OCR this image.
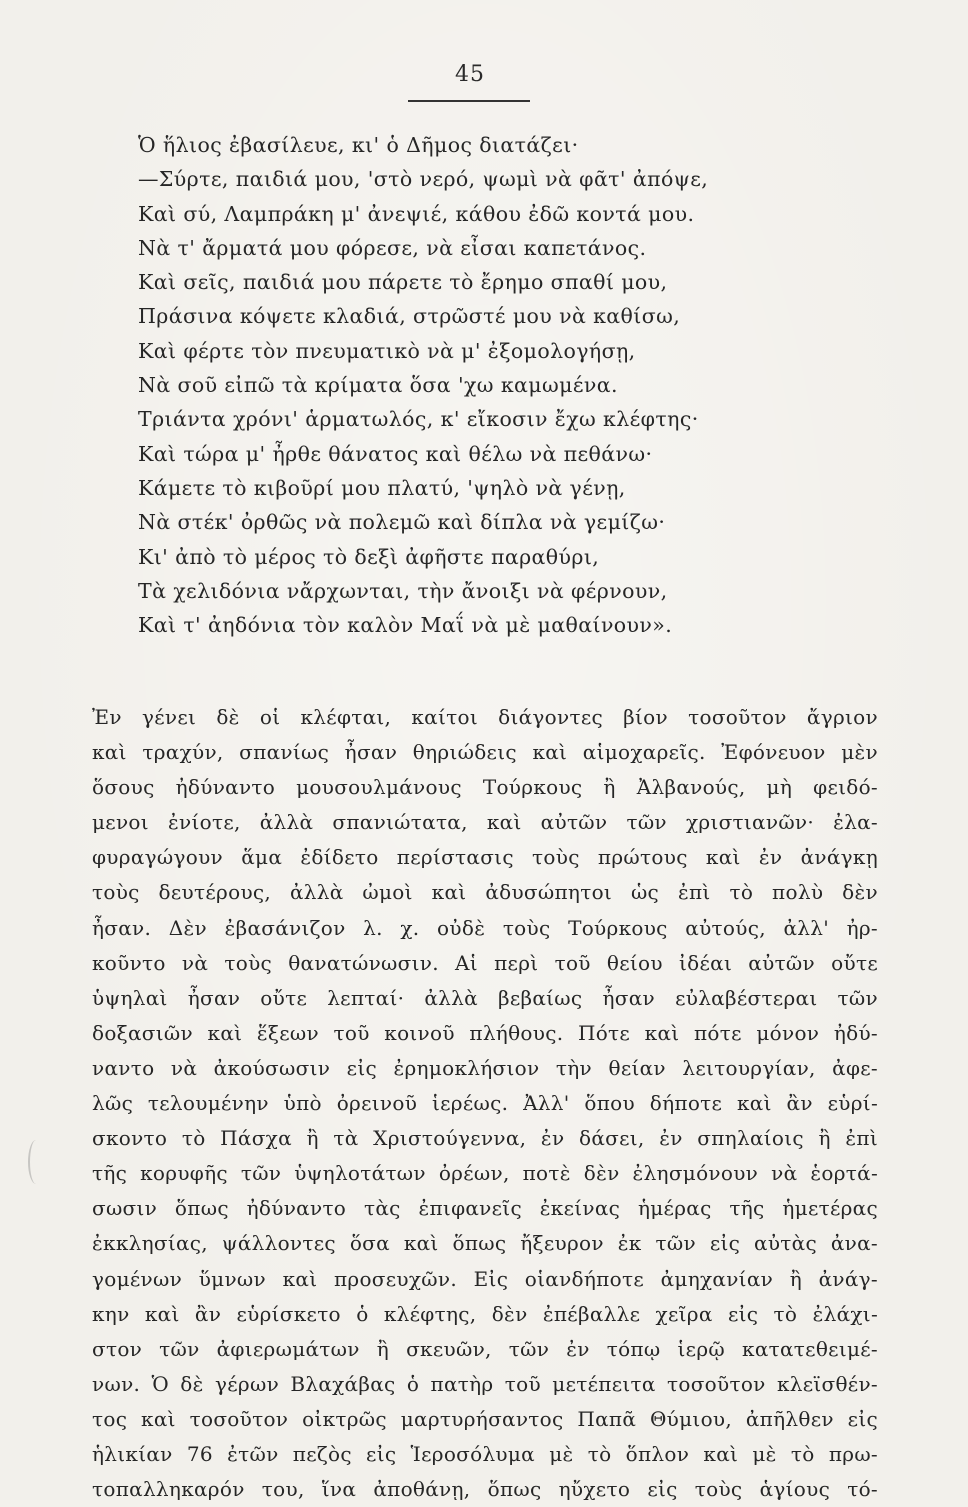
45
Ὁ ἥλιος ἐβασίλευε, κι' ὁ Δῆμος διατάζει·
—Σύρτε, παιδιά μου, 'στὸ νερό, ψωμὶ νὰ φᾶτ' ἀπόψε,
Καὶ σύ, Λαμπράκη μ' ἀνεψιέ, κάθου ἐδῶ κοντά μου.
Νὰ τ' ἄρματά μου φόρεσε, νὰ εἶσαι καπετάνος.
Καὶ σεῖς, παιδιά μου πάρετε τὸ ἔρημο σπαθί μου,
Πράσινα κόψετε κλαδιά, στρῶστέ μου νὰ καθίσω,
Καὶ φέρτε τὸν πνευματικὸ νὰ μ' ἐξομολογήσῃ,
Νὰ σοῦ εἰπῶ τὰ κρίματα ὅσα 'χω καμωμένα.
Τριάντα χρόνι' ἁρματωλός, κ' εἴκοσιν ἔχω κλέφτης·
Καὶ τώρα μ' ἦρθε θάνατος καὶ θέλω νὰ πεθάνω·
Κάμετε τὸ κιβοῦρί μου πλατύ, 'ψηλὸ νὰ γένῃ,
Νὰ στέκ' ὀρθῶς νὰ πολεμῶ καὶ δίπλα νὰ γεμίζω·
Κι' ἀπὸ τὸ μέρος τὸ δεξὶ ἀφῆστε παραθύρι,
Τὰ χελιδόνια νἄρχωνται, τὴν ἄνοιξι νὰ φέρνουν,
Καὶ τ' ἀηδόνια τὸν καλὸν Μαΐ νὰ μὲ μαθαίνουν».
Ἐν γένει δὲ οἱ κλέφται, καίτοι διάγοντες βίον τοσοῦτον ἄγριον
καὶ τραχύν, σπανίως ἦσαν θηριώδεις καὶ αἱμοχαρεῖς. Ἐφόνευον μὲν
ὅσους ἠδύναντο μουσουλμάνους Τούρκους ἢ Ἀλβανούς, μὴ φειδό-
μενοι ἐνίοτε, ἀλλὰ σπανιώτατα, καὶ αὐτῶν τῶν χριστιανῶν· ἐλα-
φυραγώγουν ἅμα ἐδίδετο περίστασις τοὺς πρώτους καὶ ἐν ἀνάγκῃ
τοὺς δευτέρους, ἀλλὰ ὠμοὶ καὶ ἀδυσώπητοι ὡς ἐπὶ τὸ πολὺ δὲν
ἦσαν. Δὲν ἐβασάνιζον λ. χ. οὐδὲ τοὺς Τούρκους αὐτούς, ἀλλ' ἠρ-
κοῦντο νὰ τοὺς θανατώνωσιν. Αἱ περὶ τοῦ θείου ἰδέαι αὐτῶν οὔτε
ὑψηλαὶ ἦσαν οὔτε λεπταί· ἀλλὰ βεβαίως ἦσαν εὐλαβέστεραι τῶν
δοξασιῶν καὶ ἕξεων τοῦ κοινοῦ πλήθους. Πότε καὶ πότε μόνον ἠδύ-
ναντο νὰ ἀκούσωσιν εἰς ἐρημοκλήσιον τὴν θείαν λειτουργίαν, ἀφε-
λῶς τελουμένην ὑπὸ ὀρεινοῦ ἱερέως. Ἀλλ' ὅπου δήποτε καὶ ἂν εὑρί-
σκοντο τὸ Πάσχα ἢ τὰ Χριστούγεννα, ἐν δάσει, ἐν σπηλαίοις ἢ ἐπὶ
τῆς κορυφῆς τῶν ὑψηλοτάτων ὀρέων, ποτὲ δὲν ἐλησμόνουν νὰ ἑορτά-
σωσιν ὅπως ἠδύναντο τὰς ἐπιφανεῖς ἐκείνας ἡμέρας τῆς ἡμετέρας
ἐκκλησίας, ψάλλοντες ὅσα καὶ ὅπως ἤξευρον ἐκ τῶν εἰς αὐτὰς ἀνα-
γομένων ὕμνων καὶ προσευχῶν. Εἰς οἱανδήποτε ἀμηχανίαν ἢ ἀνάγ-
κην καὶ ἂν εὑρίσκετο ὁ κλέφτης, δὲν ἐπέβαλλε χεῖρα εἰς τὸ ἐλάχι-
στον τῶν ἀφιερωμάτων ἢ σκευῶν, τῶν ἐν τόπῳ ἱερῷ κατατεθειμέ-
νων. Ὁ δὲ γέρων Βλαχάβας ὁ πατὴρ τοῦ μετέπειτα τοσοῦτον κλεϊσθέν-
τος καὶ τοσοῦτον οἰκτρῶς μαρτυρήσαντος Παπᾶ Θύμιου, ἀπῆλθεν εἰς
ἡλικίαν 76 ἐτῶν πεζὸς εἰς Ἱεροσόλυμα μὲ τὸ ὅπλον καὶ μὲ τὸ πρω-
τοπαλληκαρόν του, ἵνα ἀποθάνῃ, ὅπως ηὔχετο εἰς τοὺς ἁγίους τό-
